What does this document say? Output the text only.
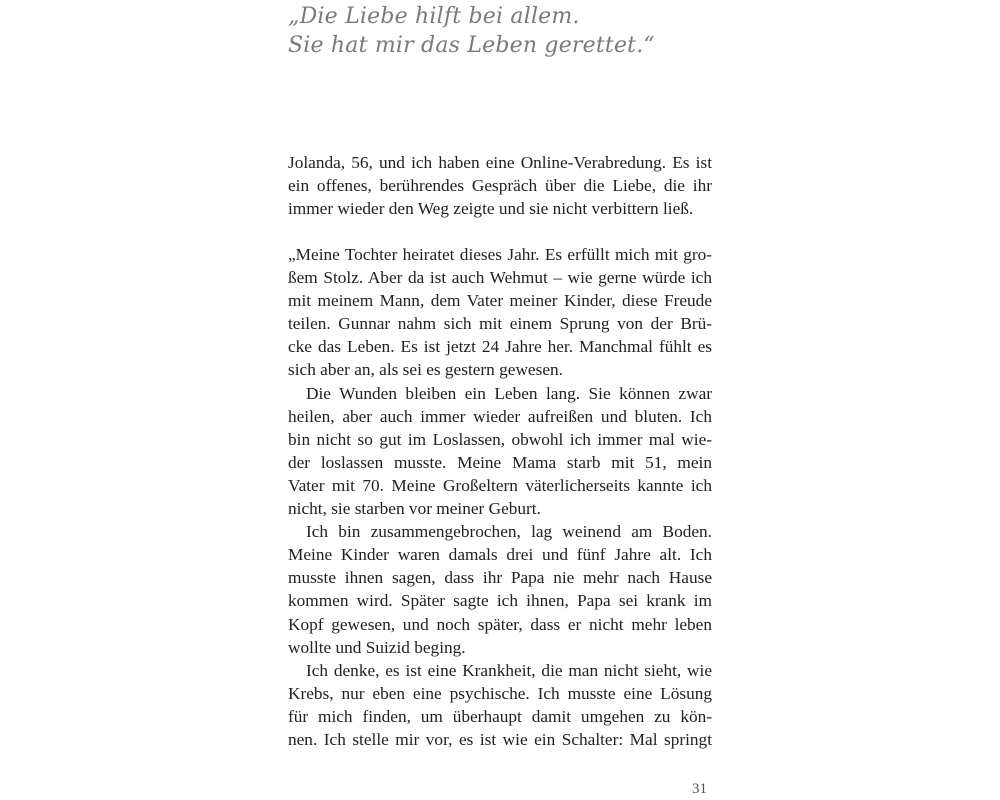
„Die Liebe hilft bei allem.
Sie hat mir das Leben gerettet.“

Jolanda, 56, und ich haben eine Online-Verabredung. Es ist
ein offenes, berührendes Gespräch über die Liebe, die ihr
immer wieder den Weg zeigte und sie nicht verbittern ließ.

„Meine Tochter heiratet dieses Jahr. Es erfüllt mich mit gro-
ßem Stolz. Aber da ist auch Wehmut – wie gerne würde ich
mit meinem Mann, dem Vater meiner Kinder, diese Freude
teilen. Gunnar nahm sich mit einem Sprung von der Brü-
cke das Leben. Es ist jetzt 24 Jahre her. Manchmal fühlt es
sich aber an, als sei es gestern gewesen.

Die Wunden bleiben ein Leben lang. Sie können zwar
heilen, aber auch immer wieder aufreißen und bluten. Ich
bin nicht so gut im Loslassen, obwohl ich immer mal wie-
der loslassen musste. Meine Mama starb mit 51, mein
Vater mit 70. Meine Großeltern väterlicherseits kannte ich
nicht, sie starben vor meiner Geburt.

Ich bin zusammengebrochen, lag weinend am Boden.
Meine Kinder waren damals drei und fünf Jahre alt. Ich
musste ihnen sagen, dass ihr Papa nie mehr nach Hause
kommen wird. Später sagte ich ihnen, Papa sei krank im
Kopf gewesen, und noch später, dass er nicht mehr leben
wollte und Suizid beging.

Ich denke, es ist eine Krankheit, die man nicht sieht, wie
Krebs, nur eben eine psychische. Ich musste eine Lösung
für mich finden, um überhaupt damit umgehen zu kön-
nen. Ich stelle mir vor, es ist wie ein Schalter: Mal springt

31
